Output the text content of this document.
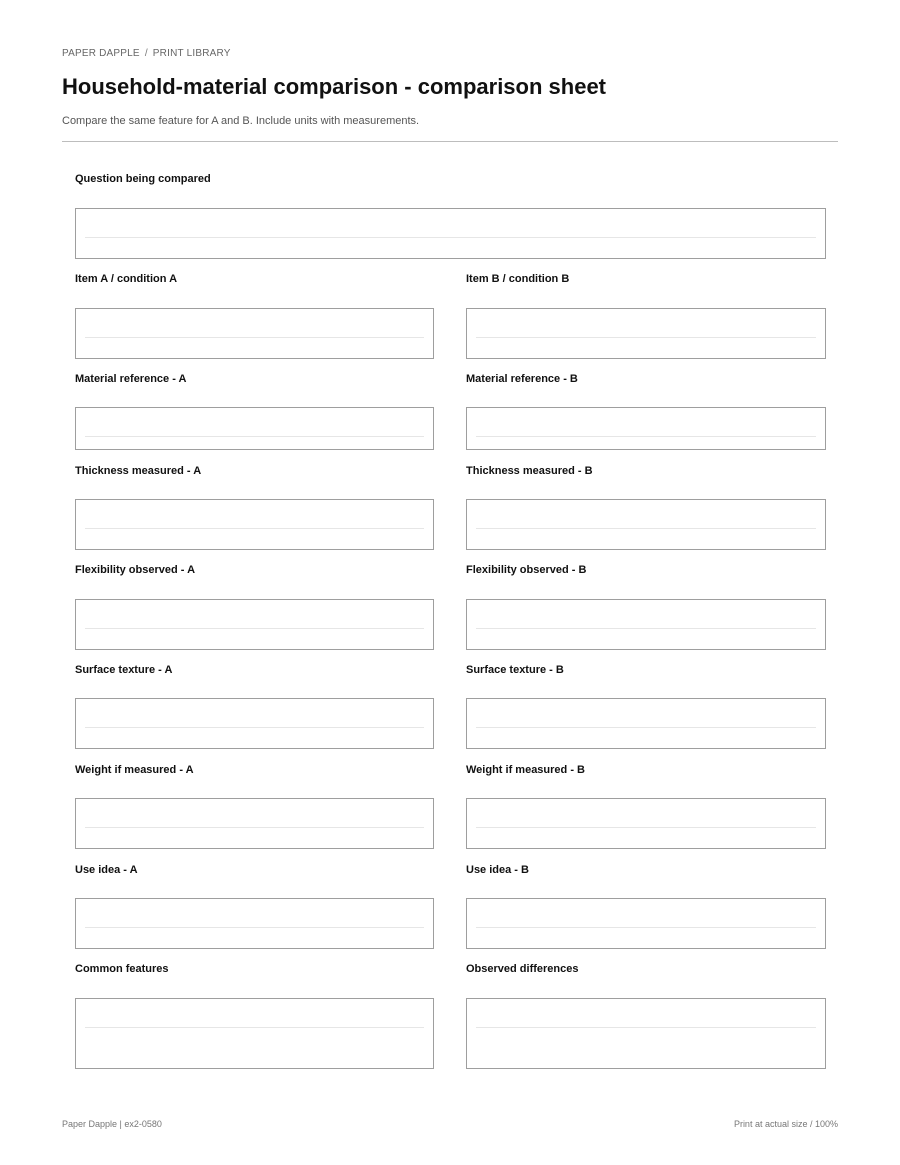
PAPER DAPPLE / PRINT LIBRARY
Household-material comparison - comparison sheet
Compare the same feature for A and B. Include units with measurements.
Question being compared
Item A / condition A	Item B / condition B
Material reference - A	Material reference - B
Thickness measured - A	Thickness measured - B
Flexibility observed - A	Flexibility observed - B
Surface texture - A	Surface texture - B
Weight if measured - A	Weight if measured - B
Use idea - A	Use idea - B
Common features	Observed differences
Paper Dapple | ex2-0580	Print at actual size / 100%
